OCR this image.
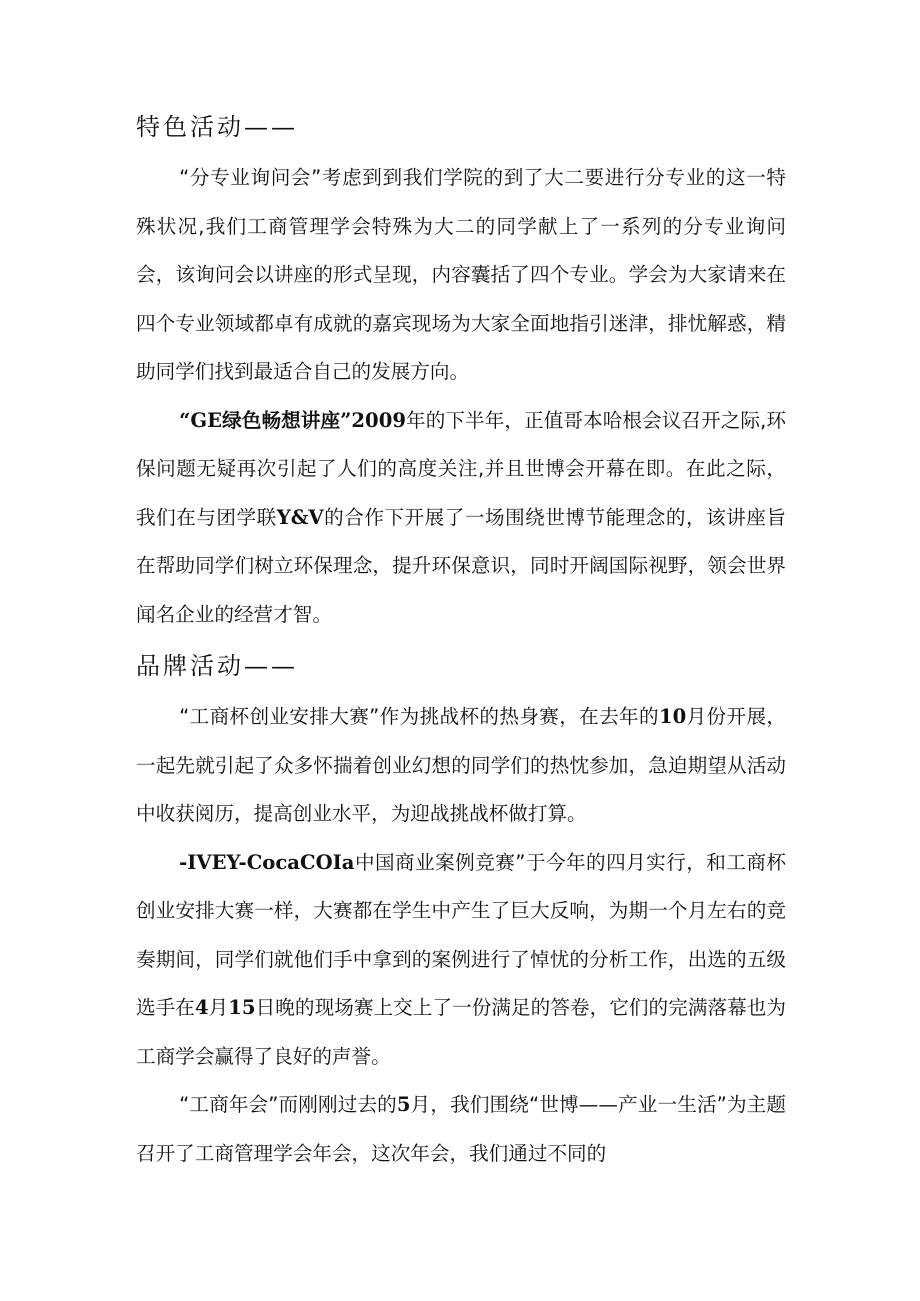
特色活动——

“分专业询问会”考虑到到我们学院的到了大二要进行分专业的这一特殊状况,我们工商管理学会特殊为大二的同学献上了一系列的分专业询问会，该询问会以讲座的形式呈现，内容囊括了四个专业。学会为大家请来在四个专业领域都卓有成就的嘉宾现场为大家全面地指引迷津，排忧解惑，精助同学们找到最适合自己的发展方向。

“GE绿色畅想讲座”2009年的下半年，正值哥本哈根会议召开之际,环保问题无疑再次引起了人们的高度关注,并且世博会开幕在即。在此之际，我们在与团学联Y&V的合作下开展了一场围绕世博节能理念的，该讲座旨在帮助同学们树立环保理念，提升环保意识，同时开阔国际视野，领会世界闻名企业的经营才智。

品牌活动——

“工商杯创业安排大赛”作为挑战杯的热身赛，在去年的10月份开展，一起先就引起了众多怀揣着创业幻想的同学们的热忱参加，急迫期望从活动中收获阅历，提高创业水平，为迎战挑战杯做打算。

-IVEY-CocaCOIa中国商业案例竞赛”于今年的四月实行，和工商杯创业安排大赛一样，大赛都在学生中产生了巨大反响，为期一个月左右的竞奏期间，同学们就他们手中拿到的案例进行了悼忧的分析工作，出选的五级选手在4月15日晚的现场赛上交上了一份满足的答卷，它们的完满落幕也为工商学会赢得了良好的声誉。

“工商年会”而刚刚过去的5月，我们围绕“世博——产业一生活”为主题召开了工商管理学会年会，这次年会，我们通过不同的
